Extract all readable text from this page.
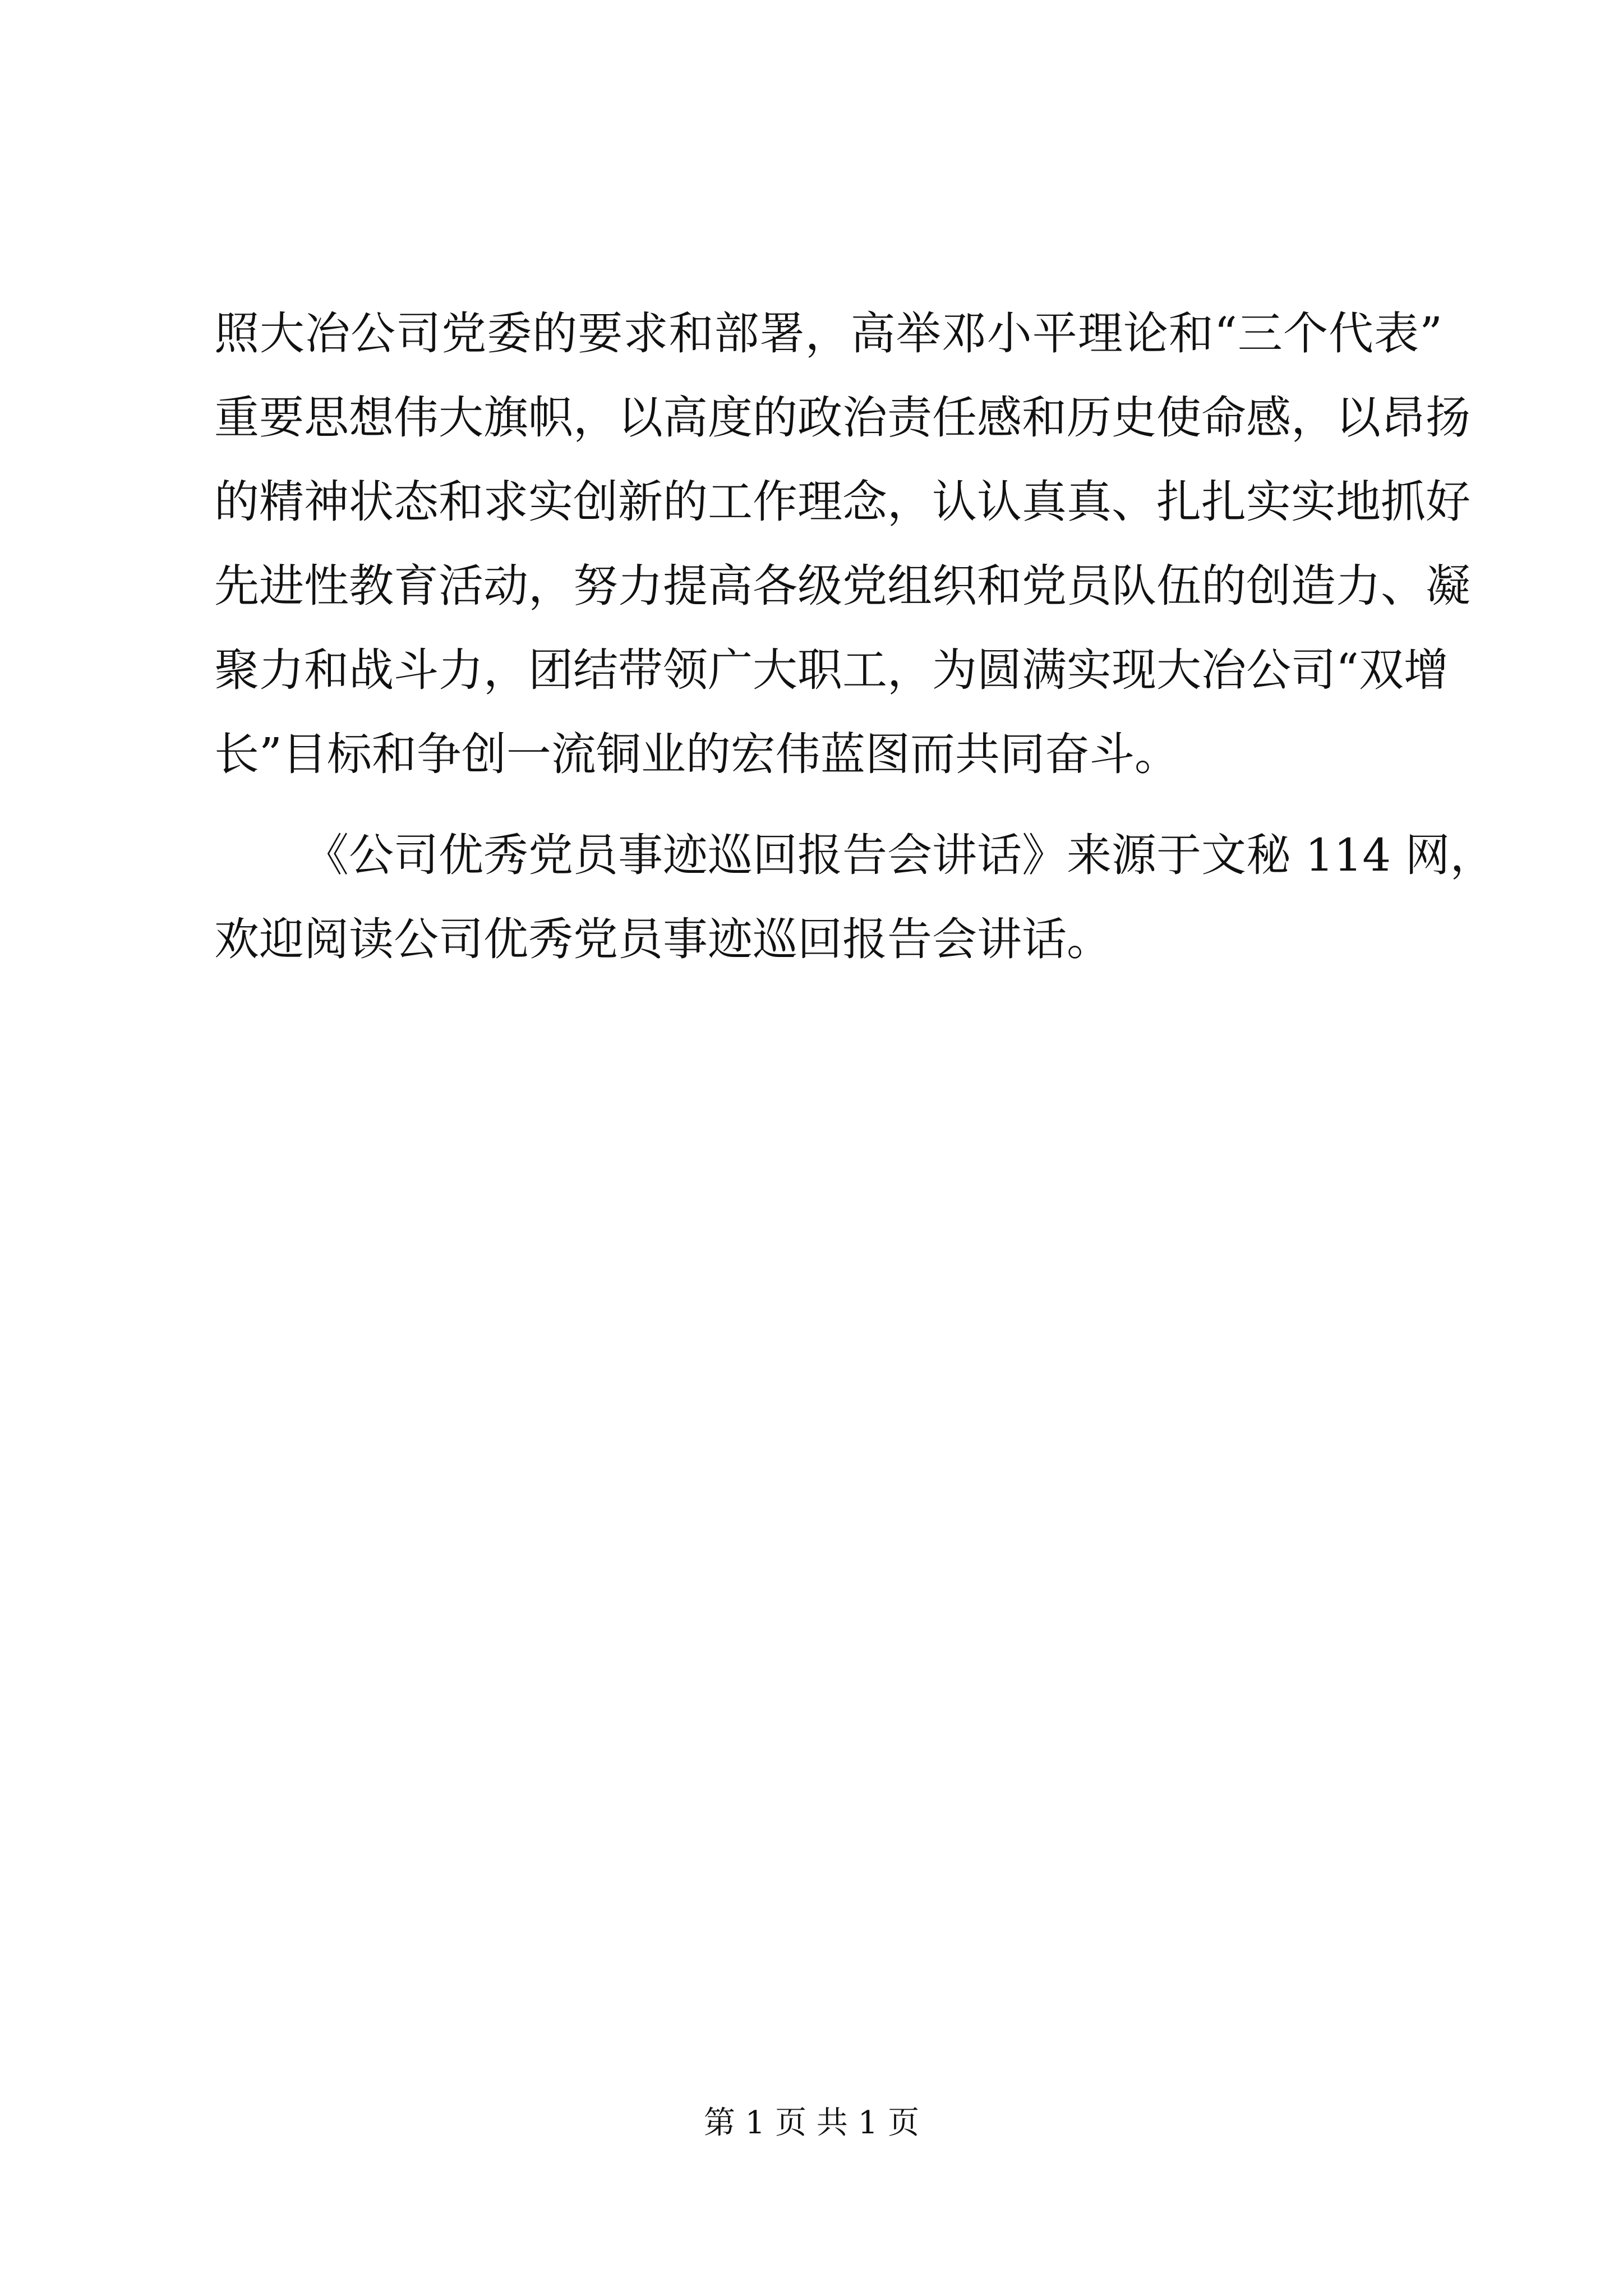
照大冶公司党委的要求和部署，高举邓小平理论和“三个代表”
重要思想伟大旗帜，以高度的政治责任感和历史使命感，以昂扬
的精神状态和求实创新的工作理念，认认真真、扎扎实实地抓好
先进性教育活动，努力提高各级党组织和党员队伍的创造力、凝
聚力和战斗力，团结带领广大职工，为圆满实现大冶公司“双增
长”目标和争创一流铜业的宏伟蓝图而共同奋斗。
《公司优秀党员事迹巡回报告会讲话》来源于文秘 114 网，
欢迎阅读公司优秀党员事迹巡回报告会讲话。
第 1 页 共 1 页
